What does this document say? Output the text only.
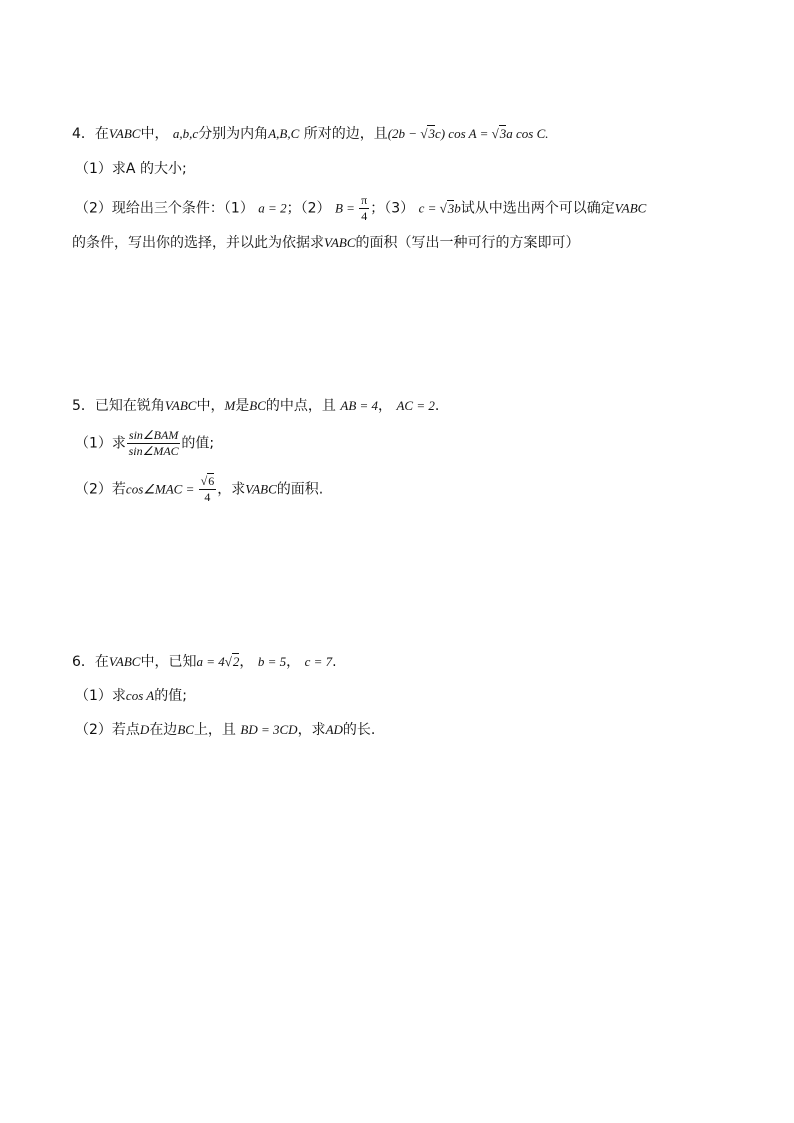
4．在VABC中， a,b,c分别为内角A,B,C 所对的边，且(2b − √3c) cos A = √3a cos C.
（1）求A 的大小;
（2）现给出三个条件：（1） a = 2；（2） $B = \frac{\pi}{4}$ ；（3） c = √3b试从中选出两个可以确定VABC
的条件，写出你的选择，并以此为依据求VABC的面积（写出一种可行的方案即可）
5．已知在锐角VABC中，M是BC的中点，且 AB = 4， AC = 2.
（1）求 $\frac{\text{sin∠BAM}}{\text{sin∠MAC}}$ 的值;
（2）若cos∠MAC = $\frac{√6}{4}$ ，求VABC的面积.
6．在VABC中，已知a = 4√2， b = 5， c = 7.
（1）求cos A的值;
（2）若点D在边BC上，且 BD = 3CD，求AD的长.
